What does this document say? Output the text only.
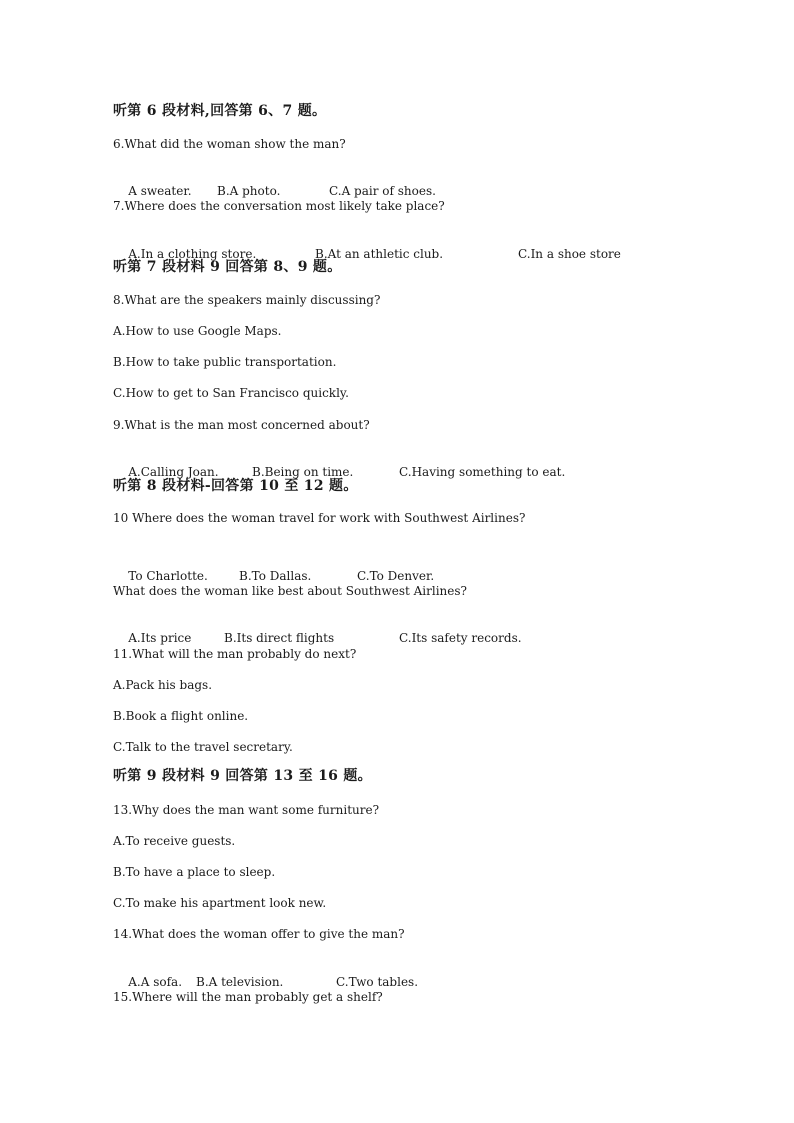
听第 6 段材料,回答第 6、7 题。
6.What did the woman show the man?

A sweater. B.A photo.	C.A pair of shoes.

7.Where does the conversation most likely take place?

A.In a clothing store.	B.At an athletic club.	C.In a shoe store

听第 7 段材料 9 回答第 8、9 题。
8.What are the speakers mainly discussing?
A.How to use Google Maps.
B.How to take public transportation.
C.How to get to San Francisco quickly.
9.What is the man most concerned about?

A.Calling Joan.	B.Being on time.	C.Having something to eat.

听第 8 段材料-回答第 10 至 12 题。
10 Where does the woman travel for work with Southwest Airlines?

To Charlotte.	B.To Dallas.	C.To Denver.

What does the woman like best about Southwest Airlines?

A.Its price	B.Its direct flights	C.Its safety records.

11.What will the man probably do next?
A.Pack his bags.
B.Book a flight online.
C.Talk to the travel secretary.
听第 9 段材料 9 回答第 13 至 16 题。
13.Why does the man want some furniture?
A.To receive guests.
B.To have a place to sleep.
C.To make his apartment look new.
14.What does the woman offer to give the man?

A.A sofa. B.A television.	C.Two tables.

15.Where will the man probably get a shelf?
